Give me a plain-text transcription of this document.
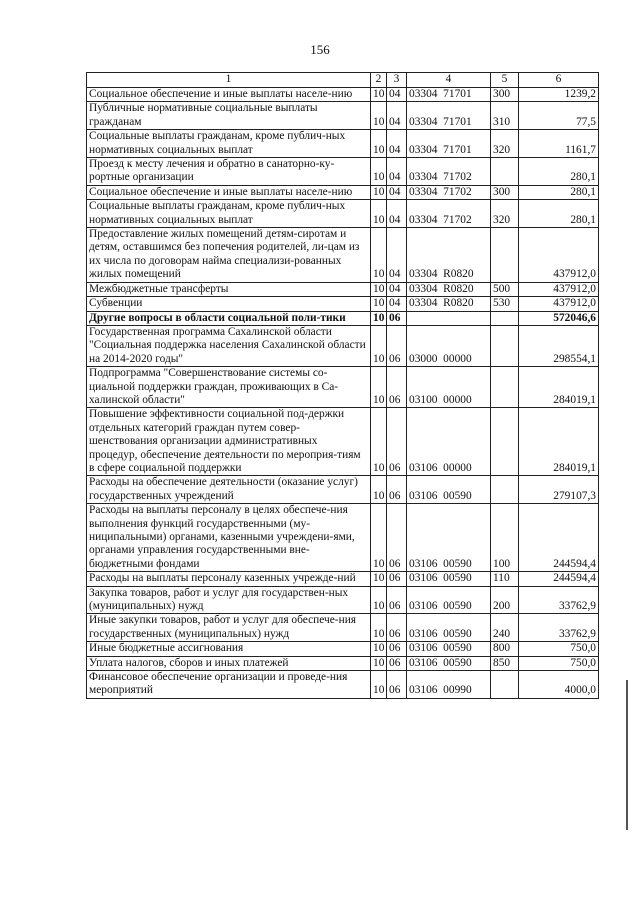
156
1	2	3	4	5	6
Социальное обеспечение и иные выплаты населе-нию	10	04	03304  71701	300	1239,2
Публичные нормативные социальные выплаты гражданам	10	04	03304  71701	310	77,5
Социальные выплаты гражданам, кроме публич-ных нормативных социальных выплат	10	04	03304  71701	320	1161,7
Проезд к месту лечения и обратно в санаторно-ку-рортные организации	10	04	03304  71702		280,1
Социальное обеспечение и иные выплаты населе-нию	10	04	03304  71702	300	280,1
Социальные выплаты гражданам, кроме публич-ных нормативных социальных выплат	10	04	03304  71702	320	280,1
Предоставление жилых помещений детям-сиротам и детям, оставшимся без попечения родителей, ли-цам из их числа по договорам найма специализи-рованных жилых помещений	10	04	03304  R0820		437912,0
Межбюджетные трансферты	10	04	03304  R0820	500	437912,0
Субвенции	10	04	03304  R0820	530	437912,0
Другие вопросы в области социальной поли-тики	10	06			572046,6
Государственная программа Сахалинской области "Социальная поддержка населения Сахалинской области на 2014-2020 годы"	10	06	03000  00000		298554,1
Подпрограмма "Совершенствование системы со-циальной поддержки граждан, проживающих в Са-халинской области"	10	06	03100  00000		284019,1
Повышение эффективности социальной под-держки отдельных категорий граждан путем совер-шенствования организации административных процедур, обеспечение деятельности по мероприя-тиям в сфере социальной поддержки	10	06	03106  00000		284019,1
Расходы на обеспечение деятельности (оказание услуг) государственных учреждений	10	06	03106  00590		279107,3
Расходы на выплаты персоналу в целях обеспече-ния выполнения функций государственными (му-ниципальными) органами, казенными учреждени-ями, органами управления государственными вне-бюджетными фондами	10	06	03106  00590	100	244594,4
Расходы на выплаты персоналу казенных учрежде-ний	10	06	03106  00590	110	244594,4
Закупка товаров, работ и услуг для государствен-ных (муниципальных) нужд	10	06	03106  00590	200	33762,9
Иные закупки товаров, работ и услуг для обеспече-ния государственных (муниципальных) нужд	10	06	03106  00590	240	33762,9
Иные бюджетные ассигнования	10	06	03106  00590	800	750,0
Уплата налогов, сборов и иных платежей	10	06	03106  00590	850	750,0
Финансовое обеспечение организации и проведе-ния мероприятий	10	06	03106  00990		4000,0
